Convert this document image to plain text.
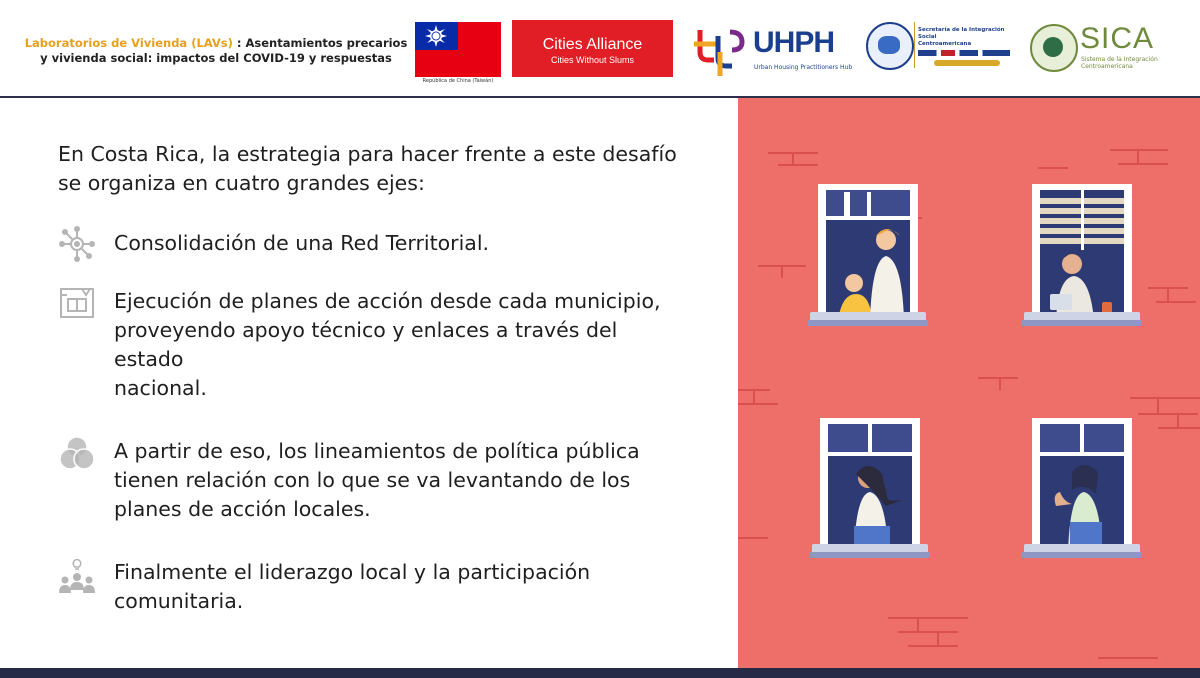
Laboratorios de Vivienda (LAVs) : Asentamientos precarios
y vivienda social: impactos del COVID-19 y respuestas
República de China (Taiwán)
Cities Alliance
Cities Without Slums
UHPH
Urban Housing Practitioners Hub
Secretaría de la Integración Social
Centroamericana	SICA
Sistema de la Integración
Centroamericana
En Costa Rica, la estrategia para hacer frente a este desafío
se organiza en cuatro grandes ejes:
Consolidación de una Red Territorial.
Ejecución de planes de acción desde cada municipio,
proveyendo apoyo técnico y enlaces a través del
estado
nacional.
A partir de eso, los lineamientos de política pública
tienen relación con lo que se va levantando de los
planes de acción locales.
Finalmente el liderazgo local y la participación
comunitaria.
